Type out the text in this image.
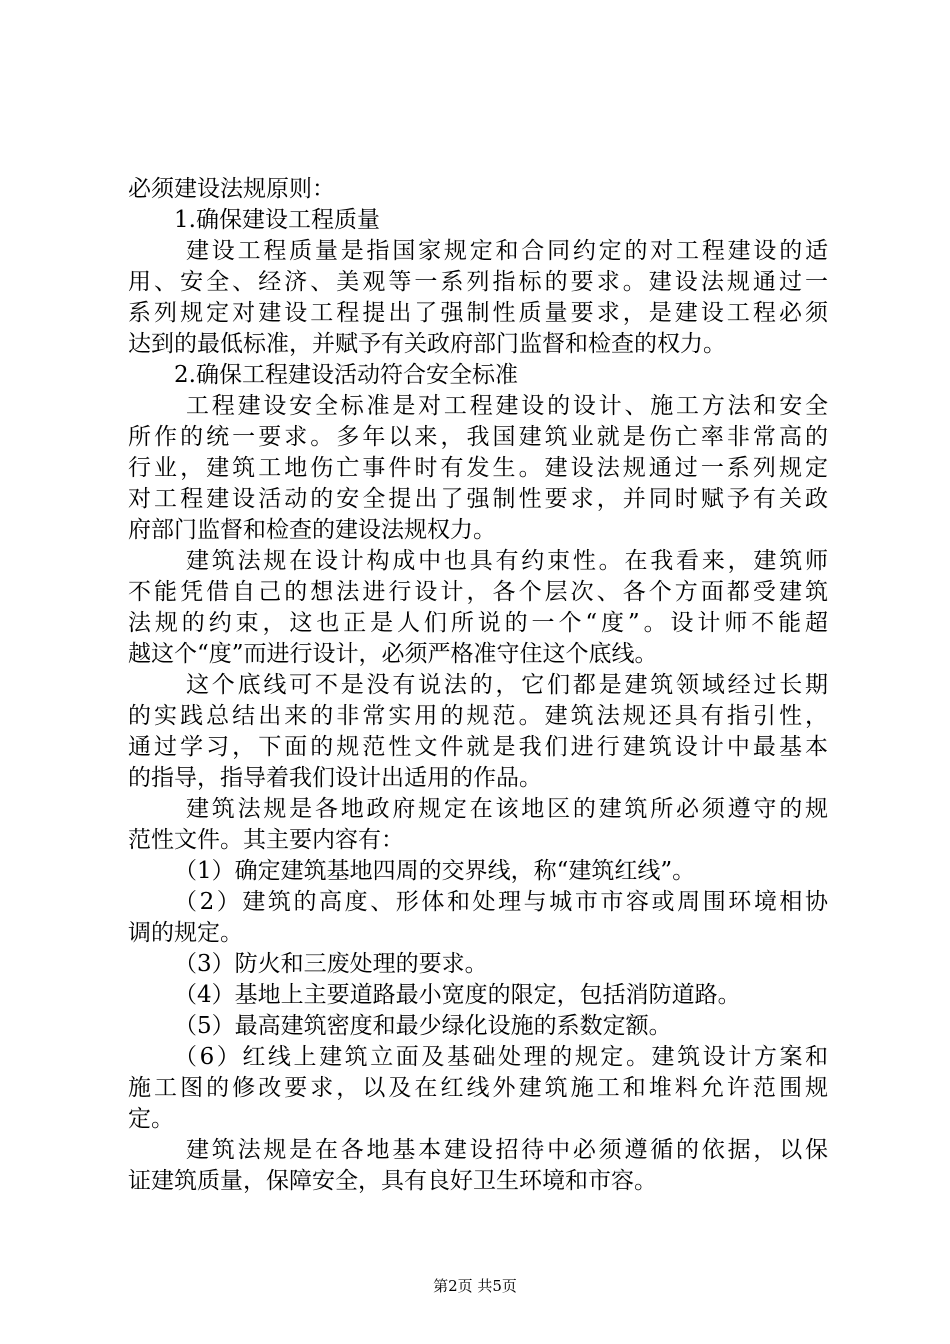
必须建设法规原则：
1.确保建设工程质量
建设工程质量是指国家规定和合同约定的对工程建设的适
用、安全、经济、美观等一系列指标的要求。建设法规通过一
系列规定对建设工程提出了强制性质量要求，是建设工程必须
达到的最低标准，并赋予有关政府部门监督和检查的权力。
2.确保工程建设活动符合安全标准
工程建设安全标准是对工程建设的设计、施工方法和安全
所作的统一要求。多年以来，我国建筑业就是伤亡率非常高的
行业，建筑工地伤亡事件时有发生。建设法规通过一系列规定
对工程建设活动的安全提出了强制性要求，并同时赋予有关政
府部门监督和检查的建设法规权力。
建筑法规在设计构成中也具有约束性。在我看来，建筑师
不能凭借自己的想法进行设计，各个层次、各个方面都受建筑
法规的约束，这也正是人们所说的一个“度”。设计师不能超
越这个“度”而进行设计，必须严格准守住这个底线。
这个底线可不是没有说法的，它们都是建筑领域经过长期
的实践总结出来的非常实用的规范。建筑法规还具有指引性，
通过学习，下面的规范性文件就是我们进行建筑设计中最基本
的指导，指导着我们设计出适用的作品。
建筑法规是各地政府规定在该地区的建筑所必须遵守的规
范性文件。其主要内容有：
（1）确定建筑基地四周的交界线，称“建筑红线”。
（2）建筑的高度、形体和处理与城市市容或周围环境相协
调的规定。
（3）防火和三废处理的要求。
（4）基地上主要道路最小宽度的限定，包括消防道路。
（5）最高建筑密度和最少绿化设施的系数定额。
（6）红线上建筑立面及基础处理的规定。建筑设计方案和
施工图的修改要求，以及在红线外建筑施工和堆料允许范围规
定。
建筑法规是在各地基本建设招待中必须遵循的依据，以保
证建筑质量，保障安全，具有良好卫生环境和市容。
第2页 共5页
